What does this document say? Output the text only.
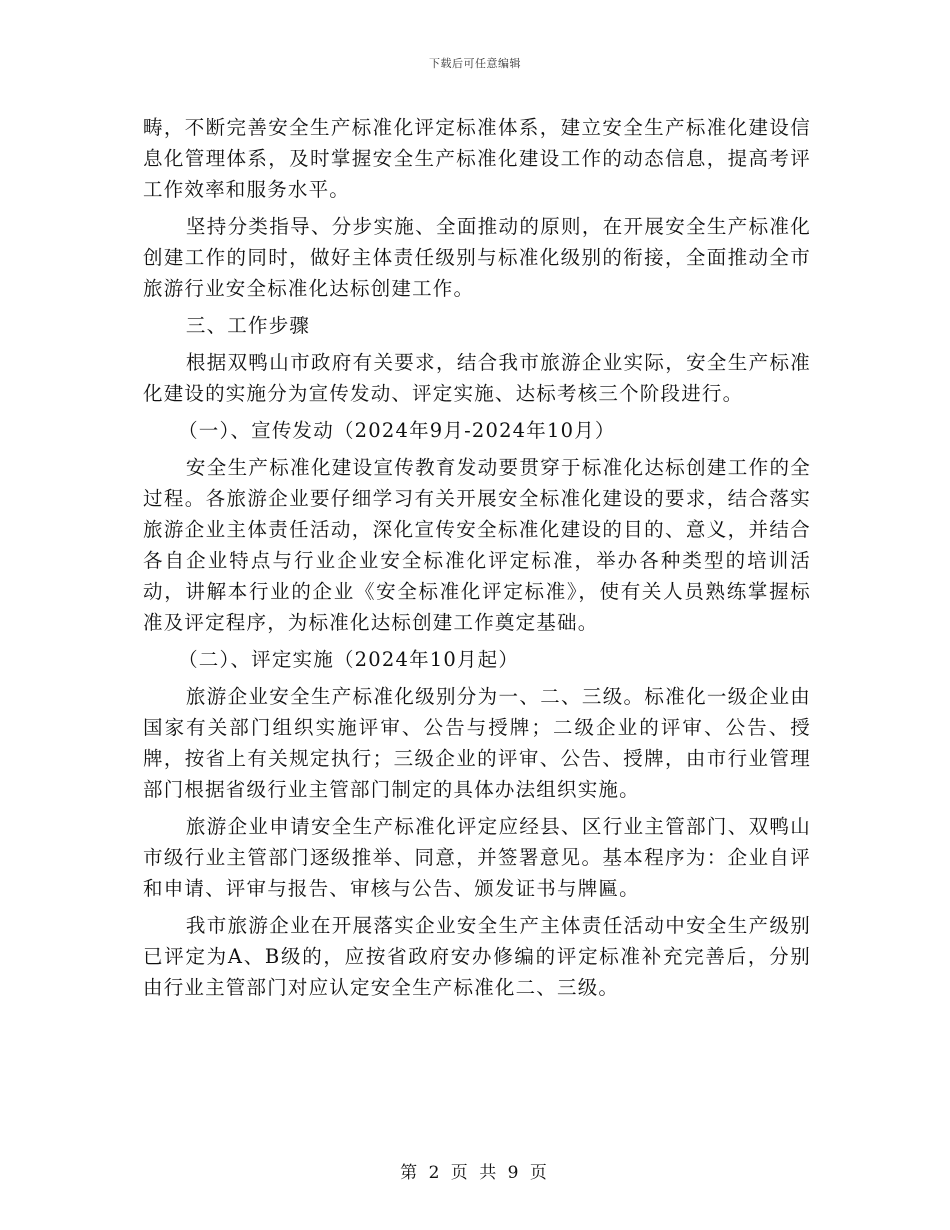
下载后可任意编辑

畴，不断完善安全生产标准化评定标准体系，建立安全生产标准化建设信息化管理体系，及时掌握安全生产标准化建设工作的动态信息，提高考评工作效率和服务水平。

坚持分类指导、分步实施、全面推动的原则，在开展安全生产标准化创建工作的同时，做好主体责任级别与标准化级别的衔接，全面推动全市旅游行业安全标准化达标创建工作。

三、工作步骤

根据双鸭山市政府有关要求，结合我市旅游企业实际，安全生产标准化建设的实施分为宣传发动、评定实施、达标考核三个阶段进行。

（一）、宣传发动（2024年9月-2024年10月）

安全生产标准化建设宣传教育发动要贯穿于标准化达标创建工作的全过程。各旅游企业要仔细学习有关开展安全标准化建设的要求，结合落实旅游企业主体责任活动，深化宣传安全标准化建设的目的、意义，并结合各自企业特点与行业企业安全标准化评定标准，举办各种类型的培训活动，讲解本行业的企业《安全标准化评定标准》，使有关人员熟练掌握标准及评定程序，为标准化达标创建工作奠定基础。

（二）、评定实施（2024年10月起）

旅游企业安全生产标准化级别分为一、二、三级。标准化一级企业由国家有关部门组织实施评审、公告与授牌；二级企业的评审、公告、授牌，按省上有关规定执行；三级企业的评审、公告、授牌，由市行业管理部门根据省级行业主管部门制定的具体办法组织实施。

旅游企业申请安全生产标准化评定应经县、区行业主管部门、双鸭山市级行业主管部门逐级推举、同意，并签署意见。基本程序为：企业自评和申请、评审与报告、审核与公告、颁发证书与牌匾。

我市旅游企业在开展落实企业安全生产主体责任活动中安全生产级别已评定为A、B级的，应按省政府安办修编的评定标准补充完善后，分别由行业主管部门对应认定安全生产标准化二、三级。

第 2 页 共 9 页
